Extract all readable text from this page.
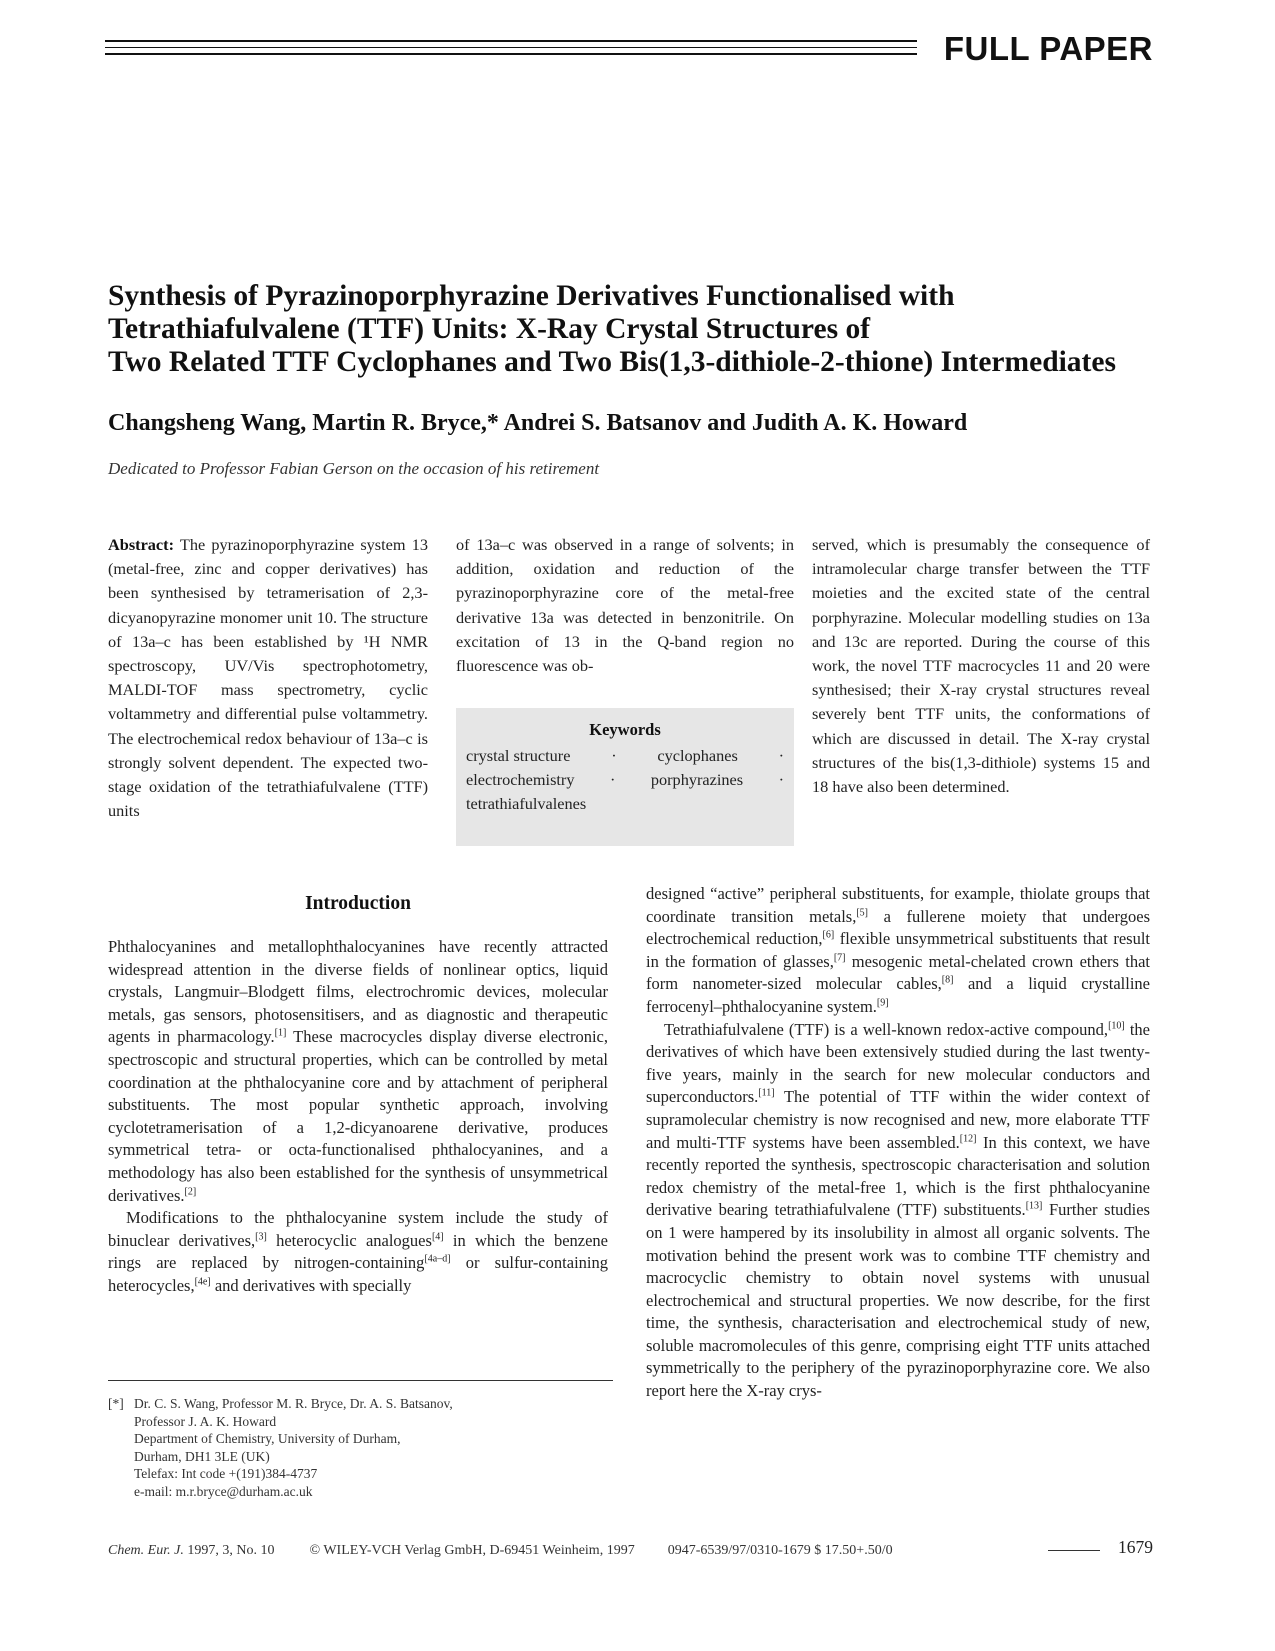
FULL PAPER
Synthesis of Pyrazinoporphyrazine Derivatives Functionalised with
Tetrathiafulvalene (TTF) Units: X-Ray Crystal Structures of
Two Related TTF Cyclophanes and Two Bis(1,3-dithiole-2-thione) Intermediates
Changsheng Wang, Martin R. Bryce,* Andrei S. Batsanov and Judith A. K. Howard
Dedicated to Professor Fabian Gerson on the occasion of his retirement
Abstract: The pyrazinoporphyrazine system 13 (metal-free, zinc and copper derivatives) has been synthesised by tetramerisation of 2,3-dicyanopyrazine monomer unit 10. The structure of 13a–c has been established by ¹H NMR spectroscopy, UV/Vis spectrophotometry, MALDI-TOF mass spectrometry, cyclic voltammetry and differential pulse voltammetry. The electrochemical redox behaviour of 13a–c is strongly solvent dependent. The expected two-stage oxidation of the tetrathiafulvalene (TTF) units
of 13a–c was observed in a range of solvents; in addition, oxidation and reduction of the pyrazinoporphyrazine core of the metal-free derivative 13a was detected in benzonitrile. On excitation of 13 in the Q-band region no fluorescence was ob-
served, which is presumably the consequence of intramolecular charge transfer between the TTF moieties and the excited state of the central porphyrazine. Molecular modelling studies on 13a and 13c are reported. During the course of this work, the novel TTF macrocycles 11 and 20 were synthesised; their X-ray crystal structures reveal severely bent TTF units, the conformations of which are discussed in detail. The X-ray crystal structures of the bis(1,3-dithiole) systems 15 and 18 have also been determined.
Keywords
crystal structure	·	cyclophanes	·
electrochemistry · porphyrazines ·
tetrathiafulvalenes
Introduction

Phthalocyanines and metallophthalocyanines have recently attracted widespread attention in the diverse fields of nonlinear optics, liquid crystals, Langmuir–Blodgett films, electrochromic devices, molecular metals, gas sensors, photosensitisers, and as diagnostic and therapeutic agents in pharmacology.[1] These macrocycles display diverse electronic, spectroscopic and structural properties, which can be controlled by metal coordination at the phthalocyanine core and by attachment of peripheral substituents. The most popular synthetic approach, involving cyclotetramerisation of a 1,2-dicyanoarene derivative, produces symmetrical tetra- or octa-functionalised phthalocyanines, and a methodology has also been established for the synthesis of unsymmetrical derivatives.[2]

Modifications to the phthalocyanine system include the study of binuclear derivatives,[3] heterocyclic analogues[4] in which the benzene rings are replaced by nitrogen-containing[4a–d] or sulfur-containing heterocycles,[4e] and derivatives with specially

designed “active” peripheral substituents, for example, thiolate groups that coordinate transition metals,[5] a fullerene moiety that undergoes electrochemical reduction,[6] flexible unsymmetrical substituents that result in the formation of glasses,[7] mesogenic metal-chelated crown ethers that form nanometer-sized molecular cables,[8] and a liquid crystalline ferrocenyl–phthalocyanine system.[9]

Tetrathiafulvalene (TTF) is a well-known redox-active compound,[10] the derivatives of which have been extensively studied during the last twenty-five years, mainly in the search for new molecular conductors and superconductors.[11] The potential of TTF within the wider context of supramolecular chemistry is now recognised and new, more elaborate TTF and multi-TTF systems have been assembled.[12] In this context, we have recently reported the synthesis, spectroscopic characterisation and solution redox chemistry of the metal-free 1, which is the first phthalocyanine derivative bearing tetrathiafulvalene (TTF) substituents.[13] Further studies on 1 were hampered by its insolubility in almost all organic solvents. The motivation behind the present work was to combine TTF chemistry and macrocyclic chemistry to obtain novel systems with unusual electrochemical and structural properties. We now describe, for the first time, the synthesis, characterisation and electrochemical study of new, soluble macromolecules of this genre, comprising eight TTF units attached symmetrically to the periphery of the pyrazinoporphyrazine core. We also report here the X-ray crys-

[*] Dr. C. S. Wang, Professor M. R. Bryce, Dr. A. S. Batsanov,
Professor J. A. K. Howard
Department of Chemistry, University of Durham,
Durham, DH1 3LE (UK)
Telefax: Int code +(191)384-4737
e-mail: m.r.bryce@durham.ac.uk
Chem. Eur. J. 1997, 3, No. 10	© WILEY-VCH Verlag GmbH, D-69451 Weinheim, 1997 0947-6539/97/0310-1679 $ 17.50+.50/0	1679
